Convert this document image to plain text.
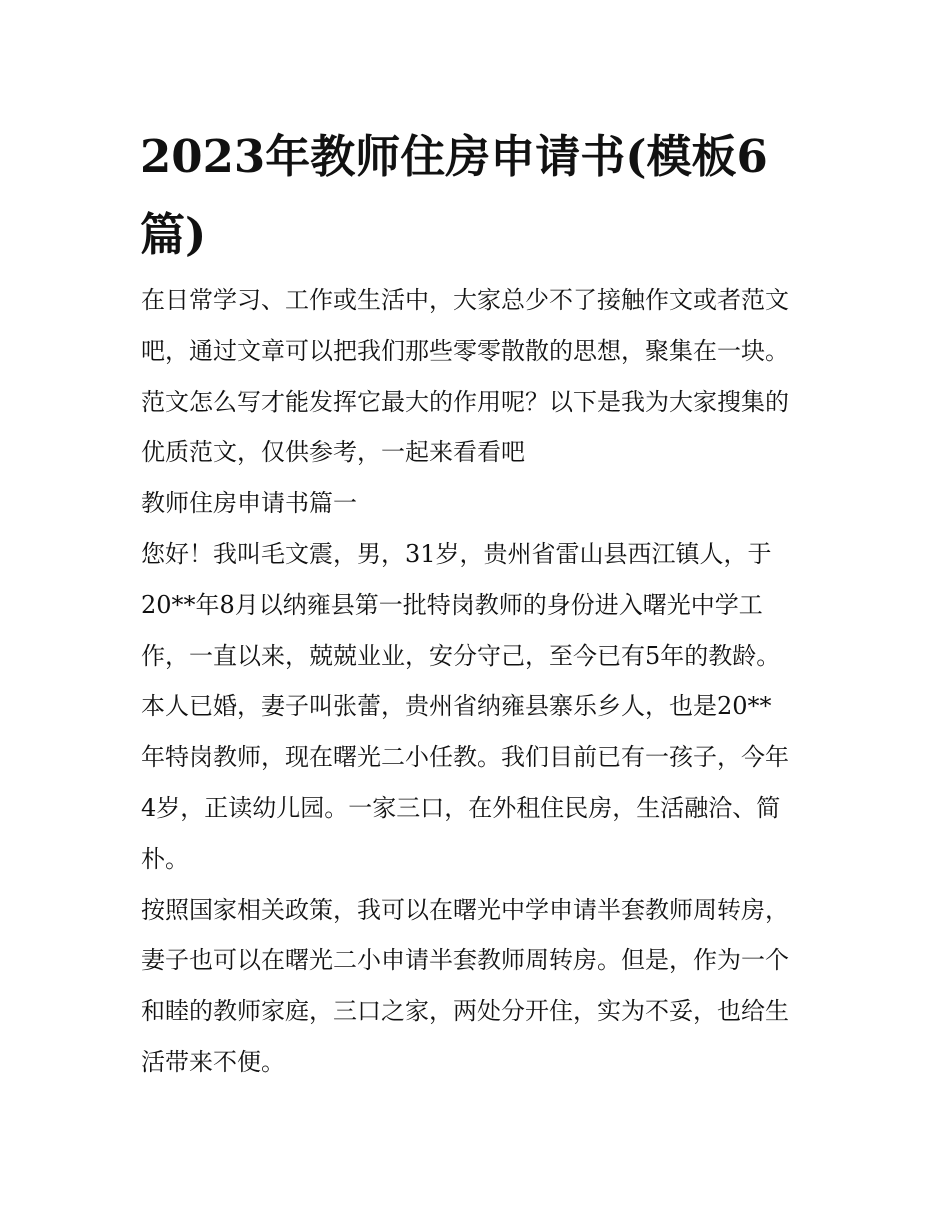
2023年教师住房申请书(模板6
篇)
在日常学习、工作或生活中，大家总少不了接触作文或者范文
吧，通过文章可以把我们那些零零散散的思想，聚集在一块。
范文怎么写才能发挥它最大的作用呢？以下是我为大家搜集的
优质范文，仅供参考，一起来看看吧
教师住房申请书篇一
您好！我叫毛文震，男，31岁，贵州省雷山县西江镇人，于
20**年8月以纳雍县第一批特岗教师的身份进入曙光中学工
作，一直以来，兢兢业业，安分守己，至今已有5年的教龄。
本人已婚，妻子叫张蕾，贵州省纳雍县寨乐乡人，也是20**
年特岗教师，现在曙光二小任教。我们目前已有一孩子，今年
4岁，正读幼儿园。一家三口，在外租住民房，生活融洽、简
朴。
按照国家相关政策，我可以在曙光中学申请半套教师周转房，
妻子也可以在曙光二小申请半套教师周转房。但是，作为一个
和睦的教师家庭，三口之家，两处分开住，实为不妥，也给生
活带来不便。
